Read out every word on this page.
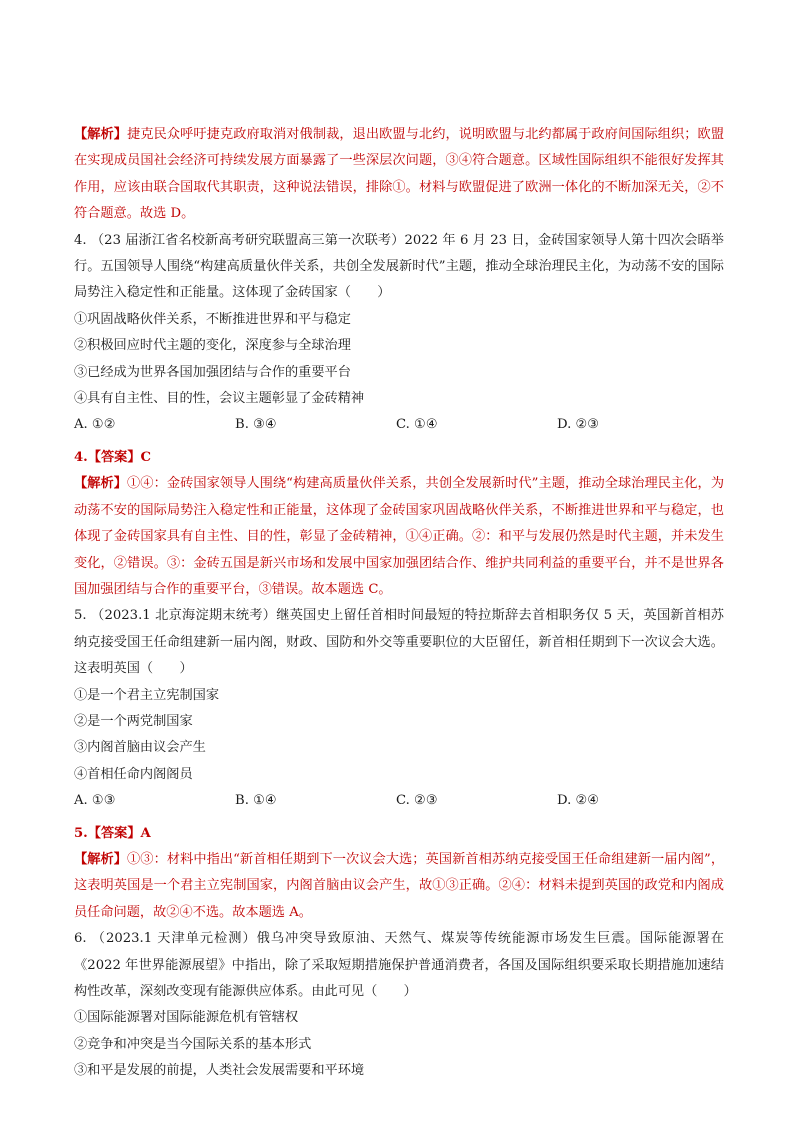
【解析】捷克民众呼吁捷克政府取消对俄制裁，退出欧盟与北约，说明欧盟与北约都属于政府间国际组织；欧盟在实现成员国社会经济可持续发展方面暴露了一些深层次问题，③④符合题意。区域性国际组织不能很好发挥其作用，应该由联合国取代其职责，这种说法错误，排除①。材料与欧盟促进了欧洲一体化的不断加深无关，②不符合题意。故选 D。

4. （23 届浙江省名校新高考研究联盟高三第一次联考）2022 年 6 月 23 日，金砖国家领导人第十四次会晤举行。五国领导人围绕“构建高质量伙伴关系，共创全发展新时代”主题，推动全球治理民主化，为动荡不安的国际局势注入稳定性和正能量。这体现了金砖国家（　　）

①巩固战略伙伴关系，不断推进世界和平与稳定

②积极回应时代主题的变化，深度参与全球治理

③已经成为世界各国加强团结与合作的重要平台

④具有自主性、目的性，会议主题彰显了金砖精神

A. ①②	B. ③④	C. ①④	D. ②③

4.【答案】C

【解析】①④：金砖国家领导人围绕“构建高质量伙伴关系，共创全发展新时代”主题，推动全球治理民主化，为动荡不安的国际局势注入稳定性和正能量，这体现了金砖国家巩固战略伙伴关系，不断推进世界和平与稳定，也体现了金砖国家具有自主性、目的性，彰显了金砖精神，①④正确。②：和平与发展仍然是时代主题，并未发生变化，②错误。③：金砖五国是新兴市场和发展中国家加强团结合作、维护共同利益的重要平台，并不是世界各国加强团结与合作的重要平台，③错误。故本题选 C。

5. （2023.1 北京海淀期末统考）继英国史上留任首相时间最短的特拉斯辞去首相职务仅 5 天，英国新首相苏纳克接受国王任命组建新一届内阁，财政、国防和外交等重要职位的大臣留任，新首相任期到下一次议会大选。这表明英国（　　）

①是一个君主立宪制国家

②是一个两党制国家

③内阁首脑由议会产生

④首相任命内阁阁员

A. ①③	B. ①④	C. ②③	D. ②④

5.【答案】A

【解析】①③：材料中指出“新首相任期到下一次议会大选；英国新首相苏纳克接受国王任命组建新一届内阁”，这表明英国是一个君主立宪制国家，内阁首脑由议会产生，故①③正确。②④：材料未提到英国的政党和内阁成员任命问题，故②④不选。故本题选 A。

6. （2023.1 天津单元检测）俄乌冲突导致原油、天然气、煤炭等传统能源市场发生巨震。国际能源署在《2022 年世界能源展望》中指出，除了采取短期措施保护普通消费者，各国及国际组织要采取长期措施加速结构性改革，深刻改变现有能源供应体系。由此可见（　　）

①国际能源署对国际能源危机有管辖权

②竞争和冲突是当今国际关系的基本形式

③和平是发展的前提，人类社会发展需要和平环境
